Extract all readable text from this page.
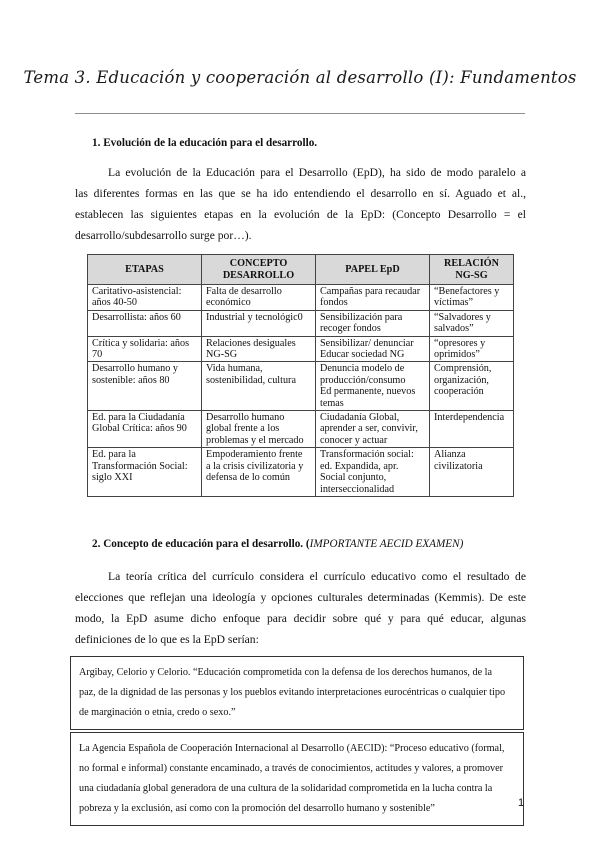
Tema 3. Educación y cooperación al desarrollo (I): Fundamentos
1. Evolución de la educación para el desarrollo.

La evolución de la Educación para el Desarrollo (EpD), ha sido de modo paralelo a
las diferentes formas en las que se ha ido entendiendo el desarrollo en sí. Aguado et al.,
establecen las siguientes etapas en la evolución de la EpD: (Concepto Desarrollo = el
desarrollo/subdesarrollo surge por…).

ETAPAS	CONCEPTO DESARROLLO	PAPEL EpD	RELACIÓN NG-SG

Caritativo-asistencial:
años 40-50	Falta de desarrollo
económico	Campañas para recaudar
fondos	“Benefactores y
víctimas”

Desarrollista: años 60	Industrial y tecnológic0	Sensibilización para
recoger fondos	“Salvadores y
salvados”

Crítica y solidaria: años
70	Relaciones desiguales
NG-SG	Sensibilizar/ denunciar
Educar sociedad NG	“opresores y
oprimidos”

Desarrollo humano y
sostenible: años 80	Vida humana,
sostenibilidad, cultura	Denuncia modelo de
producción/consumo
Ed permanente, nuevos
temas	Comprensión,
organización,
cooperación

Ed. para la Ciudadanía
Global Crítica: años 90	Desarrollo humano
global frente a los
problemas y el mercado	Ciudadanía Global,
aprender a ser, convivir,
conocer y actuar	Interdependencia

Ed. para la
Transformación Social:
siglo XXI	Empoderamiento frente
a la crisis civilizatoria y
defensa de lo común	Transformación social:
ed. Expandida, apr.
Social conjunto,
interseccionalidad	Alianza
civilizatoria
2. Concepto de educación para el desarrollo. (IMPORTANTE AECID EXAMEN)

La teoría crítica del currículo considera el currículo educativo como el resultado de
elecciones que reflejan una ideología y opciones culturales determinadas (Kemmis). De este
modo, la EpD asume dicho enfoque para decidir sobre qué y para qué educar, algunas
definiciones de lo que es la EpD serían:

Argibay, Celorio y Celorio. “Educación comprometida con la defensa de los derechos humanos, de la
paz, de la dignidad de las personas y los pueblos evitando interpretaciones eurocéntricas o cualquier tipo
de marginación o etnia, credo o sexo.”
La Agencia Española de Cooperación Internacional al Desarrollo (AECID): “Proceso educativo (formal,
no formal e informal) constante encaminado, a través de conocimientos, actitudes y valores, a promover
una ciudadanía global generadora de una cultura de la solidaridad comprometida en la lucha contra la
pobreza y la exclusión, así como con la promoción del desarrollo humano y sostenible”	1
